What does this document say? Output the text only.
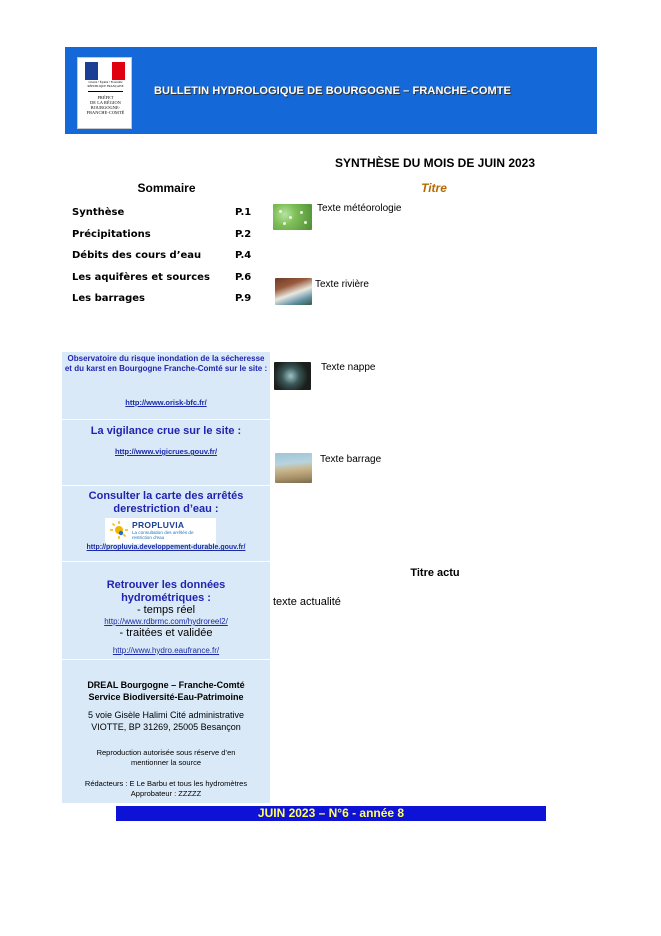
Liberté • Égalité • Fraternité
RÉPUBLIQUE FRANÇAISE
PRÉFET
DE LA RÉGION
BOURGOGNE-
FRANCHE-COMTÉ
BULLETIN HYDROLOGIQUE DE BOURGOGNE – FRANCHE-COMTE
SYNTHÈSE DU MOIS DE JUIN 2023
Sommaire	Titre
Synthèse	P.1
Précipitations	P.2
Débits des cours d’eau	P.4
Les aquifères et sources	P.6
Les barrages	P.9
Texte météorologie
Texte rivière
Texte nappe
Texte barrage
Observatoire du risque inondation de la sécheresse et du karst en Bourgogne Franche-Comté sur le site :
http://www.orisk-bfc.fr/
La vigilance crue sur le site :
http://www.vigicrues.gouv.fr/
Consulter la carte des arrêtés derestriction d’eau :
PROPLUVIA
La consultation des arrêtés de restriction d'eau
http://propluvia.developpement-durable.gouv.fr/
Retrouver les données hydrométriques :
- temps réel
http://www.rdbrmc.com/hydroreel2/
- traitées et validée
http://www.hydro.eaufrance.fr/
DREAL Bourgogne – Franche-Comté
Service Biodiversité-Eau-Patrimoine
5 voie Gisèle Halimi Cité administrative
VIOTTE, BP 31269, 25005 Besançon
Reproduction autorisée sous réserve d’en mentionner la source
Rédacteurs : E Le Barbu et tous les hydromètres
Approbateur : ZZZZZ
Titre actu
texte actualité
JUIN 2023 – N°6 - année 8
